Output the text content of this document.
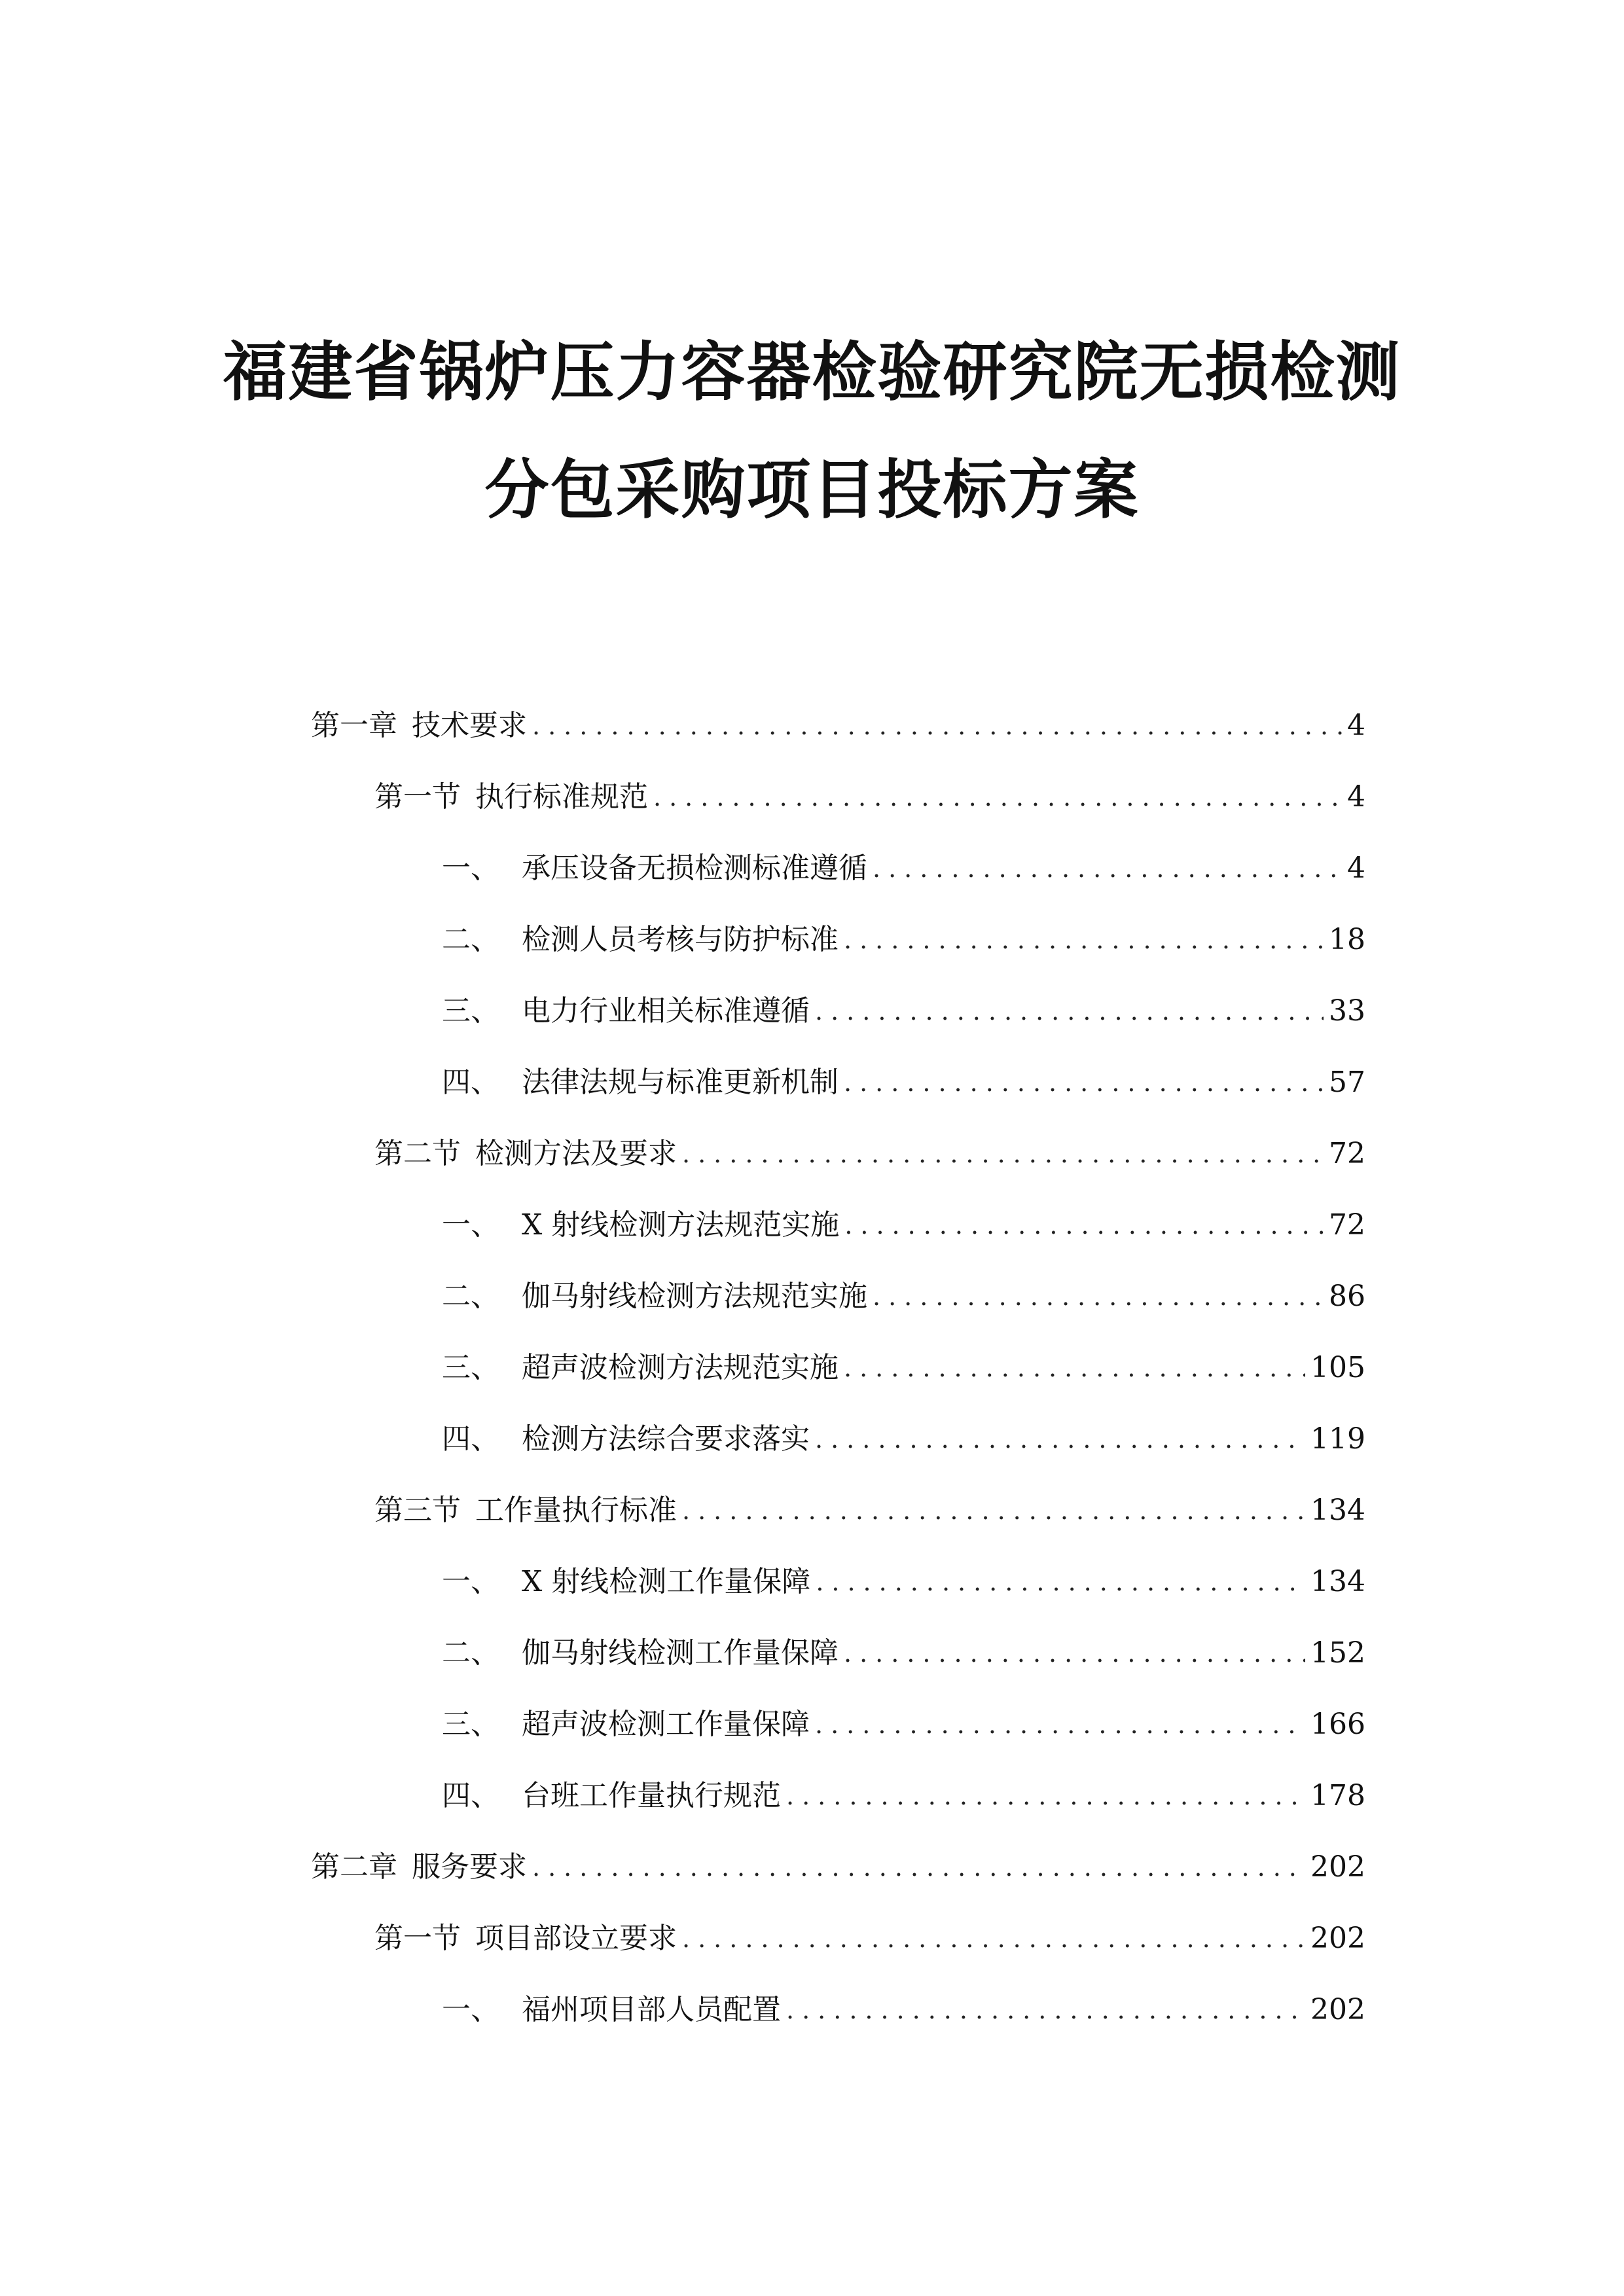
福建省锅炉压力容器检验研究院无损检测
分包采购项目投标方案
第一章 技术要求 .....	4
第一节 执行标准规范 .....	4
一、 承压设备无损检测标准遵循 .....	4
二、 检测人员考核与防护标准 .....	18
三、 电力行业相关标准遵循 .....	33
四、 法律法规与标准更新机制 .....	57
第二节 检测方法及要求 .....	72
一、 X 射线检测方法规范实施 .....	72
二、 伽马射线检测方法规范实施 .....	86
三、 超声波检测方法规范实施 .....	105
四、 检测方法综合要求落实 .....	119
第三节 工作量执行标准 .....	134
一、 X 射线检测工作量保障 .....	134
二、 伽马射线检测工作量保障 .....	152
三、 超声波检测工作量保障 .....	166
四、 台班工作量执行规范 .....	178
第二章 服务要求 .....	202
第一节 项目部设立要求 .....	202
一、 福州项目部人员配置 .....	202
